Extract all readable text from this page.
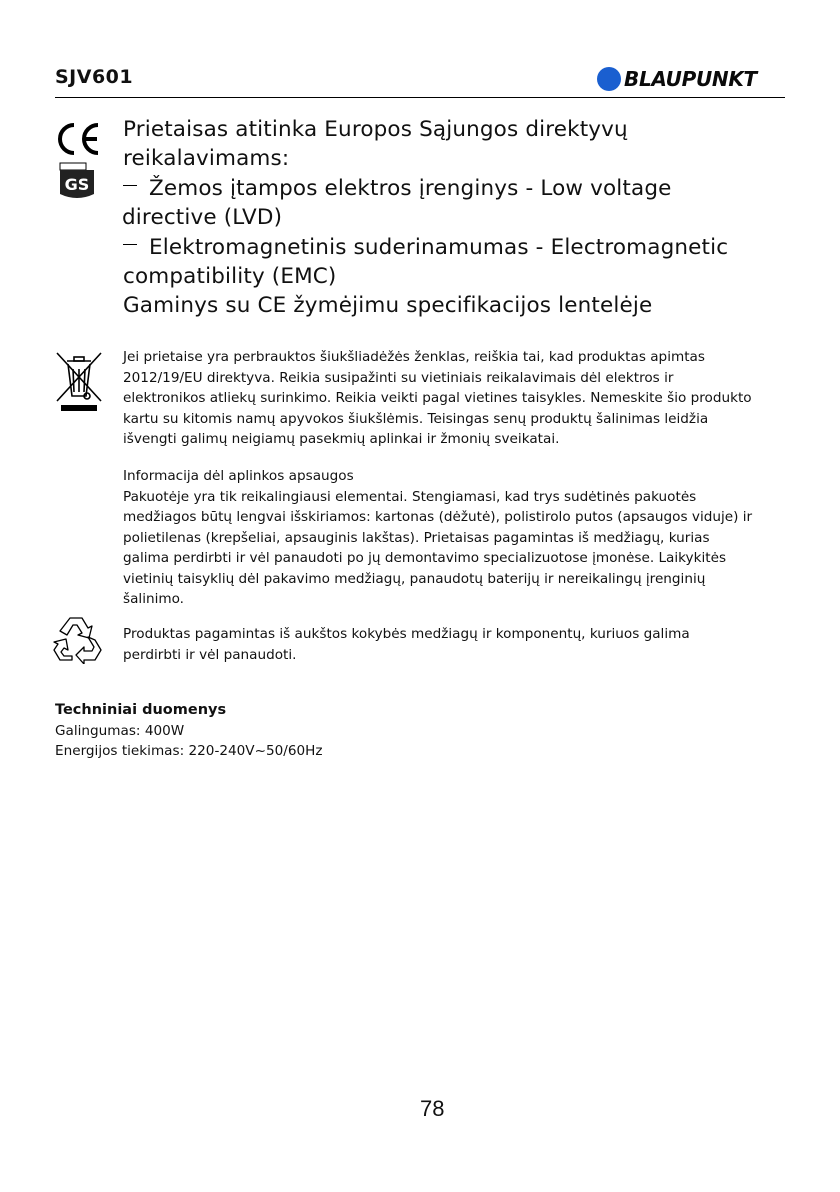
SJV601	BLAUPUNKT
GS

Prietaisas atitinka Europos Sąjungos direktyvų

reikalavimams:

Žemos įtampos elektros įrenginys - Low voltage

directive (LVD)

Elektromagnetinis suderinamumas - Electromagnetic

compatibility (EMC)

Gaminys su CE žymėjimu specifikacijos lentelėje

Jei prietaise yra perbrauktos šiukšliadėžės ženklas, reiškia tai, kad produktas apimtas

2012/19/EU direktyva. Reikia susipažinti su vietiniais reikalavimais dėl elektros ir

elektronikos atliekų surinkimo. Reikia veikti pagal vietines taisykles. Nemeskite šio produkto

kartu su kitomis namų apyvokos šiukšlėmis. Teisingas senų produktų šalinimas leidžia

išvengti galimų neigiamų pasekmių aplinkai ir žmonių sveikatai.

Informacija dėl aplinkos apsaugos

Pakuotėje yra tik reikalingiausi elementai. Stengiamasi, kad trys sudėtinės pakuotės

medžiagos būtų lengvai išskiriamos: kartonas (dėžutė), polistirolo putos (apsaugos viduje) ir

polietilenas (krepšeliai, apsauginis lakštas). Prietaisas pagamintas iš medžiagų, kurias

galima perdirbti ir vėl panaudoti po jų demontavimo specializuotose įmonėse. Laikykitės

vietinių taisyklių dėl pakavimo medžiagų, panaudotų baterijų ir nereikalingų įrenginių

šalinimo.

Produktas pagamintas iš aukštos kokybės medžiagų ir komponentų, kuriuos galima

perdirbti ir vėl panaudoti.

Techniniai duomenys

Galingumas: 400W

Energijos tiekimas: 220-240V~50/60Hz

78
